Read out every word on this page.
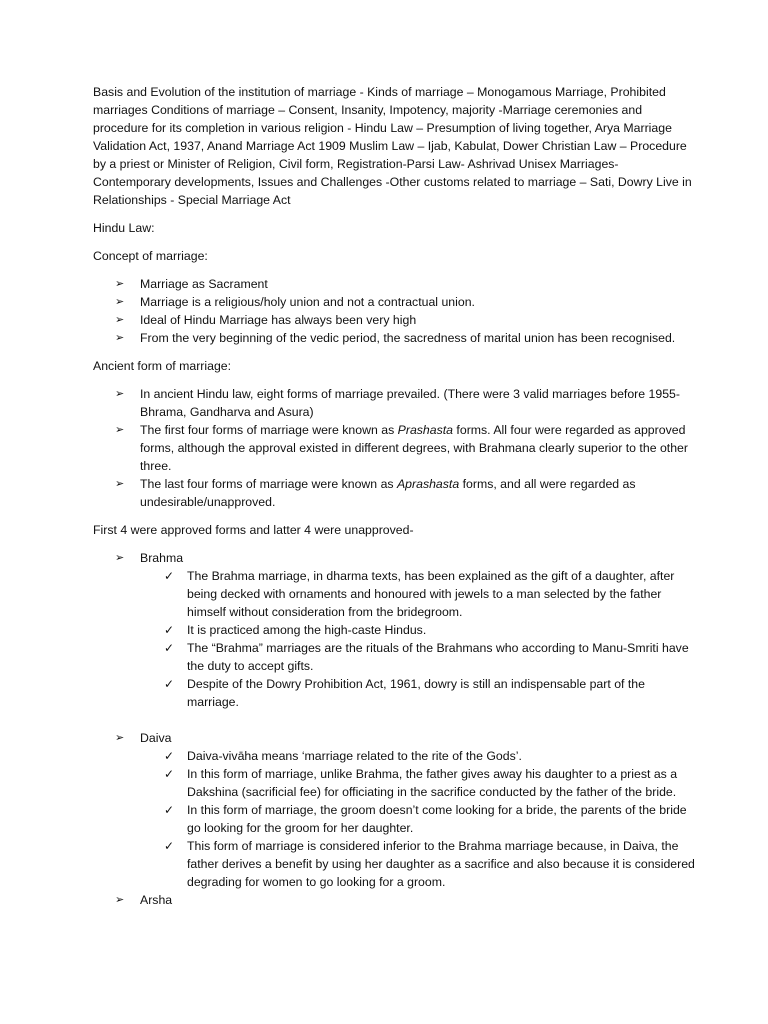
Basis and Evolution of the institution of marriage - Kinds of marriage – Monogamous Marriage, Prohibited marriages Conditions of marriage – Consent, Insanity, Impotency, majority -Marriage ceremonies and procedure for its completion in various religion - Hindu Law – Presumption of living together, Arya Marriage Validation Act, 1937, Anand Marriage Act 1909 Muslim Law – Ijab, Kabulat, Dower Christian Law – Procedure by a priest or Minister of Religion, Civil form, Registration-Parsi Law- Ashrivad Unisex Marriages- Contemporary developments, Issues and Challenges -Other customs related to marriage – Sati, Dowry Live in Relationships - Special Marriage Act

Hindu Law:

Concept of marriage:

➢	Marriage as Sacrament
➢	Marriage is a religious/holy union and not a contractual union.
➢	Ideal of Hindu Marriage has always been very high
➢	From the very beginning of the vedic period, the sacredness of marital union has been recognised.

Ancient form of marriage:

➢	In ancient Hindu law, eight forms of marriage prevailed. (There were 3 valid marriages before 1955- Bhrama, Gandharva and Asura)
➢	The first four forms of marriage were known as Prashasta forms. All four were regarded as approved forms, although the approval existed in different degrees, with Brahmana clearly superior to the other three.
➢	The last four forms of marriage were known as Aprashasta forms, and all were regarded as undesirable/unapproved.

First 4 were approved forms and latter 4 were unapproved-

➢	Brahma
✓	The Brahma marriage, in dharma texts, has been explained as the gift of a daughter, after being decked with ornaments and honoured with jewels to a man selected by the father himself without consideration from the bridegroom.
✓	It is practiced among the high-caste Hindus.
✓	The “Brahma” marriages are the rituals of the Brahmans who according to Manu-Smriti have the duty to accept gifts.
✓	Despite of the Dowry Prohibition Act, 1961, dowry is still an indispensable part of the marriage.
➢	Daiva
✓	Daiva-vivāha means ‘marriage related to the rite of the Gods’.
✓	In this form of marriage, unlike Brahma, the father gives away his daughter to a priest as a Dakshina (sacrificial fee) for officiating in the sacrifice conducted by the father of the bride.
✓	In this form of marriage, the groom doesn’t come looking for a bride, the parents of the bride go looking for the groom for her daughter.
✓	This form of marriage is considered inferior to the Brahma marriage because, in Daiva, the father derives a benefit by using her daughter as a sacrifice and also because it is considered degrading for women to go looking for a groom.
➢	Arsha
